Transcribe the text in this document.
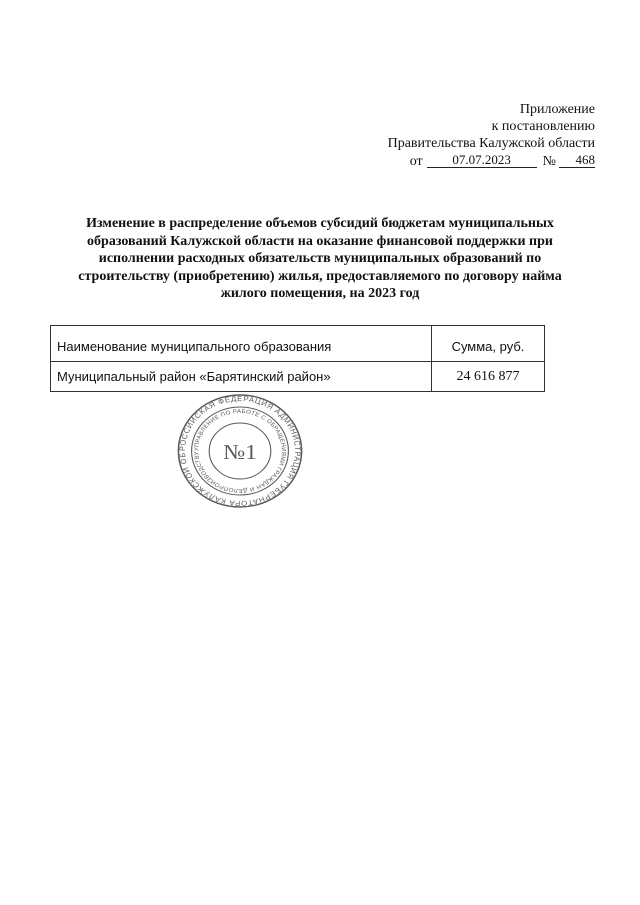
Приложение
к постановлению
Правительства Калужской области
от	07.07.2023	№	468
Изменение в распределение объемов субсидий бюджетам муниципальных образований Калужской области на оказание финансовой поддержки при исполнении расходных обязательств муниципальных образований по строительству (приобретению) жилья, предоставляемого по договору найма жилого помещения, на 2023 год
Наименование муниципального образования	Сумма, руб.
Муниципальный район «Барятинский район»	24 616 877
РОССИЙСКАЯ ФЕДЕРАЦИЯ АДМИНИСТРАЦИЯ ГУБЕРНАТОРА КАЛУЖСКОЙ ОБ
УПРАВЛЕНИЕ ПО РАБОТЕ С ОБРАЩЕНИЯМИ ГРАЖДАН И ДЕЛОПРОИЗВОДСТВУ	№1
